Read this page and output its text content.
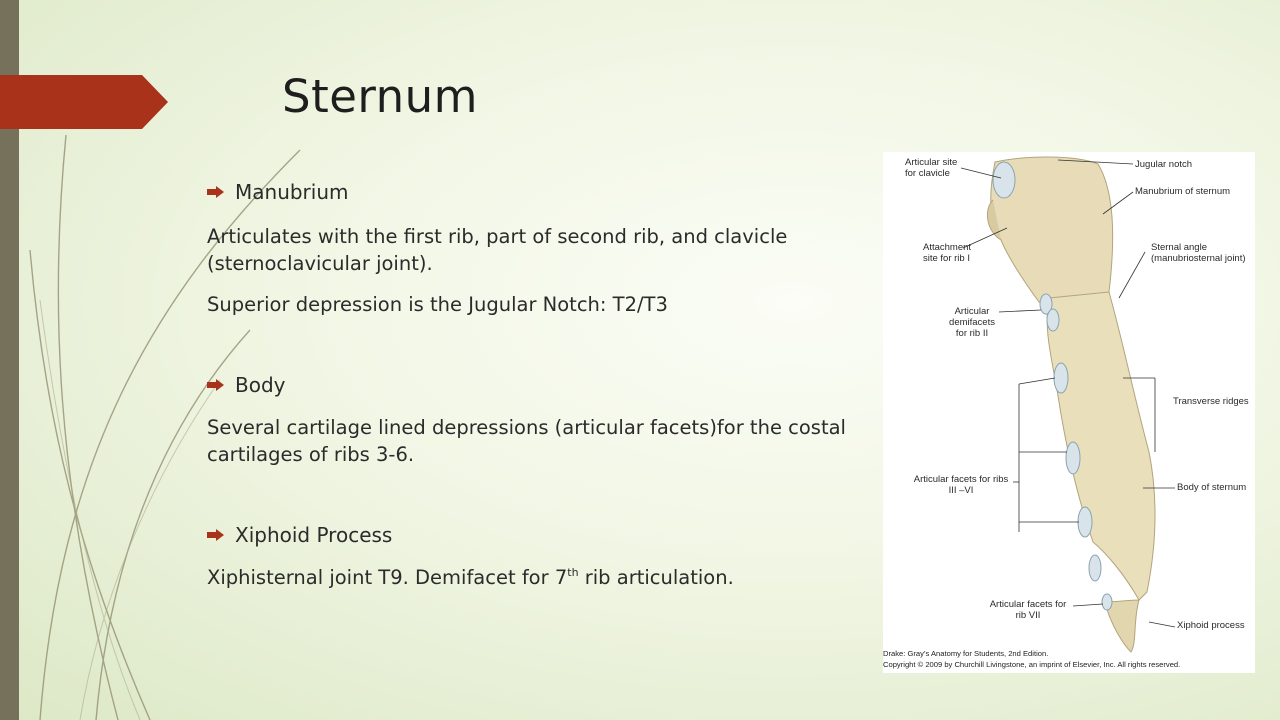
Sternum
Manubrium
Articulates with the first rib, part of second rib, and clavicle (sternoclavicular joint).
Superior depression is the Jugular Notch: T2/T3
Body
Several cartilage lined depressions (articular facets)for the costal cartilages of ribs 3-6.
Xiphoid Process
Xiphisternal joint T9. Demifacet for 7th rib articulation.
Articular site for clavicle
Attachment site for rib I
Articular demifacets for rib II
Articular facets for ribs III –VI
Articular facets for rib VII
Jugular notch
Manubrium of sternum
Sternal angle (manubriosternal joint)
Transverse ridges
Body of sternum
Xiphoid process
Drake: Gray’s Anatomy for Students, 2nd Edition.
Copyright © 2009 by Churchill Livingstone, an imprint of Elsevier, Inc. All rights reserved.
